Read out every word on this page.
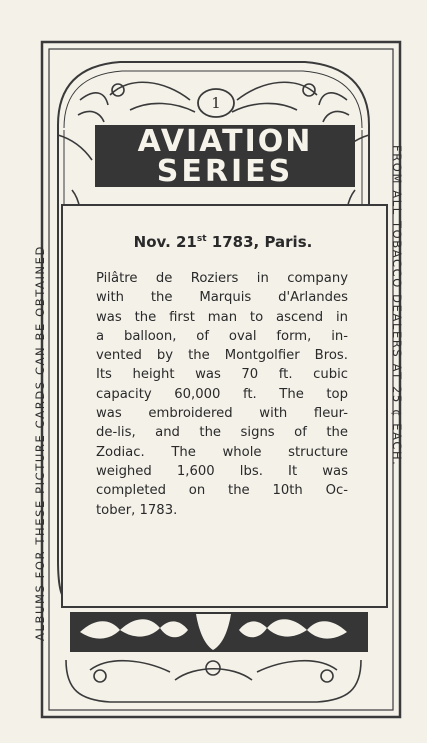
ALBUMS FOR THESE PICTURE CARDS CAN BE OBTAINED	FROM ALL TOBACCO DEALERS AT 25 ¢ EACH.
1
AVIATION
SERIES
Nov. 21st 1783, Paris.
Pilâtre de Roziers in company
with the Marquis d'Arlandes
was the first man to ascend in
a balloon, of oval form, in-
vented by the Montgolfier Bros.
Its height was 70 ft. cubic
capacity 60,000 ft. The top
was embroidered with fleur-
de-lis, and the signs of the
Zodiac. The whole structure
weighed 1,600 lbs. It was
completed on the 10th Oc-
tober, 1783.
